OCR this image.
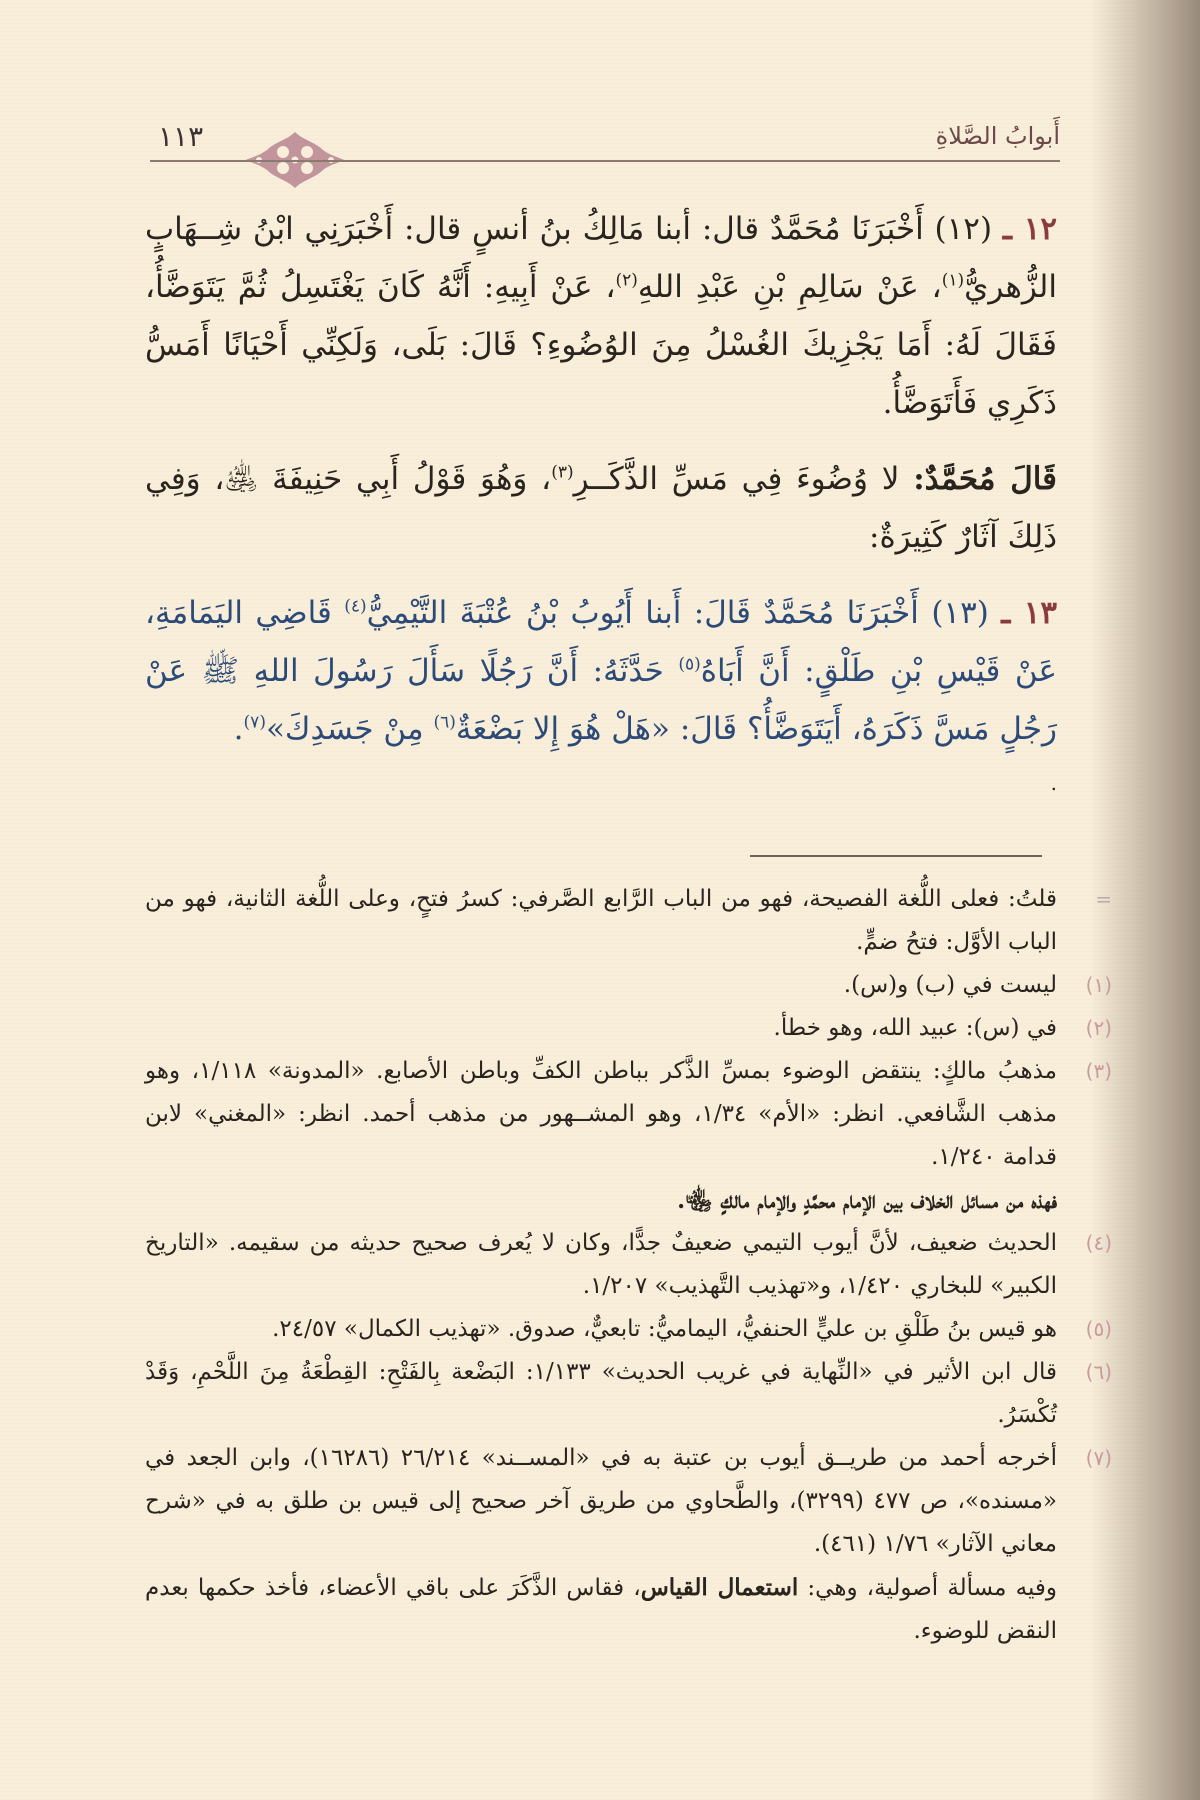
١١٣	أَبوابُ الصَّلاةِ

١٢ ـ (١٢) أَخْبَرَنَا مُحَمَّدٌ قال: أبنا مَالِكُ بنُ أنسٍ قال: أَخْبَرَنِي ابْنُ شِــهَابٍ الزُّهريُّ$^{(١)}$، عَنْ سَالِمِ بْنِ عَبْدِ اللهِ$^{(٢)}$، عَنْ أَبِيهِ: أَنَّهُ كَانَ يَغْتَسِلُ ثُمَّ يَتَوَضَّأُ، فَقَالَ لَهُ: أَمَا يَجْزِيكَ الغُسْلُ مِنَ الوُضُوءِ؟ قَالَ: بَلَى، وَلَكِنِّي أَحْيَانًا أَمَسُّ ذَكَرِي فَأَتَوَضَّأُ.

قَالَ مُحَمَّدٌ: لا وُضُوءَ فِي مَسِّ الذَّكَــرِ$^{(٣)}$، وَهُوَ قَوْلُ أَبِي حَنِيفَةَ ﵁، وَفِي ذَلِكَ آثَارٌ كَثِيرَةٌ:

١٣ ـ (١٣) أَخْبَرَنَا مُحَمَّدٌ قَالَ: أَبنا أَيُوبُ بْنُ عُتْبَةَ التَّيْمِيُّ$^{(٤)}$ قَاضِي اليَمَامَةِ، عَنْ قَيْسِ بْنِ طَلْقٍ: أَنَّ أَبَاهُ$^{(٥)}$ حَدَّثَهُ: أَنَّ رَجُلًا سَأَلَ رَسُولَ اللهِ ﷺ عَنْ رَجُلٍ مَسَّ ذَكَرَهُ، أَيَتَوَضَّأُ؟ قَالَ: «هَلْ هُوَ إِلا بَضْعَةٌ$^{(٦)}$ مِنْ جَسَدِكَ»$^{(٧)}$.

.

=
قلتُ: فعلى اللُّغة الفصيحة، فهو من الباب الرَّابع الصَّرفي: كسرُ فتحٍ، وعلى اللُّغة الثانية، فهو من الباب الأوَّل: فتحُ ضمٍّ.

(١)
ليست في (ب) و(س).

(٢)
في (س): عبيد الله، وهو خطأ.

(٣)
مذهبُ مالكٍ: ينتقض الوضوء بمسِّ الذَّكر بباطن الكفِّ وباطن الأصابع. «المدونة» ١/١١٨، وهو مذهب الشَّافعي. انظر: «الأم» ١/٣٤، وهو المشــهور من مذهب أحمد. انظر: «المغني» لابن قدامة ١/٢٤٠.

فهذه من مسائل الخلاف بين الإمام محمَّدٍ والإمام مالكٍ ﵄.

(٤)
الحديث ضعيف، لأنَّ أيوب التيمي ضعيفٌ جدًّا، وكان لا يُعرف صحيح حديثه من سقيمه. «التاريخ الكبير» للبخاري ١/٤٢٠، و«تهذيب التَّهذيب» ١/٢٠٧.

(٥)
هو قيس بنُ طَلْقِ بن عليٍّ الحنفيُّ، اليماميُّ: تابعيٌّ، صدوق. «تهذيب الكمال» ٢٤/٥٧.

(٦)
قال ابن الأثير في «النِّهاية في غريب الحديث» ١/١٣٣: البَضْعة بِالفَتْحِ: القِطْعَةُ مِنَ اللَّحْمِ، وَقَدْ تُكْسَرُ.

(٧)
أخرجه أحمد من طريــق أيوب بن عتبة به في «المســند» ٢٦/٢١٤ (١٦٢٨٦)، وابن الجعد في «مسنده»، ص ٤٧٧ (٣٢٩٩)، والطَّحاوي من طريق آخر صحيح إلى قيس بن طلق به في «شرح معاني الآثار» ١/٧٦ (٤٦١).

وفيه مسألة أصولية، وهي: استعمال القياس، فقاس الذَّكَرَ على باقي الأعضاء، فأخذ حكمها بعدم النقض للوضوء.
